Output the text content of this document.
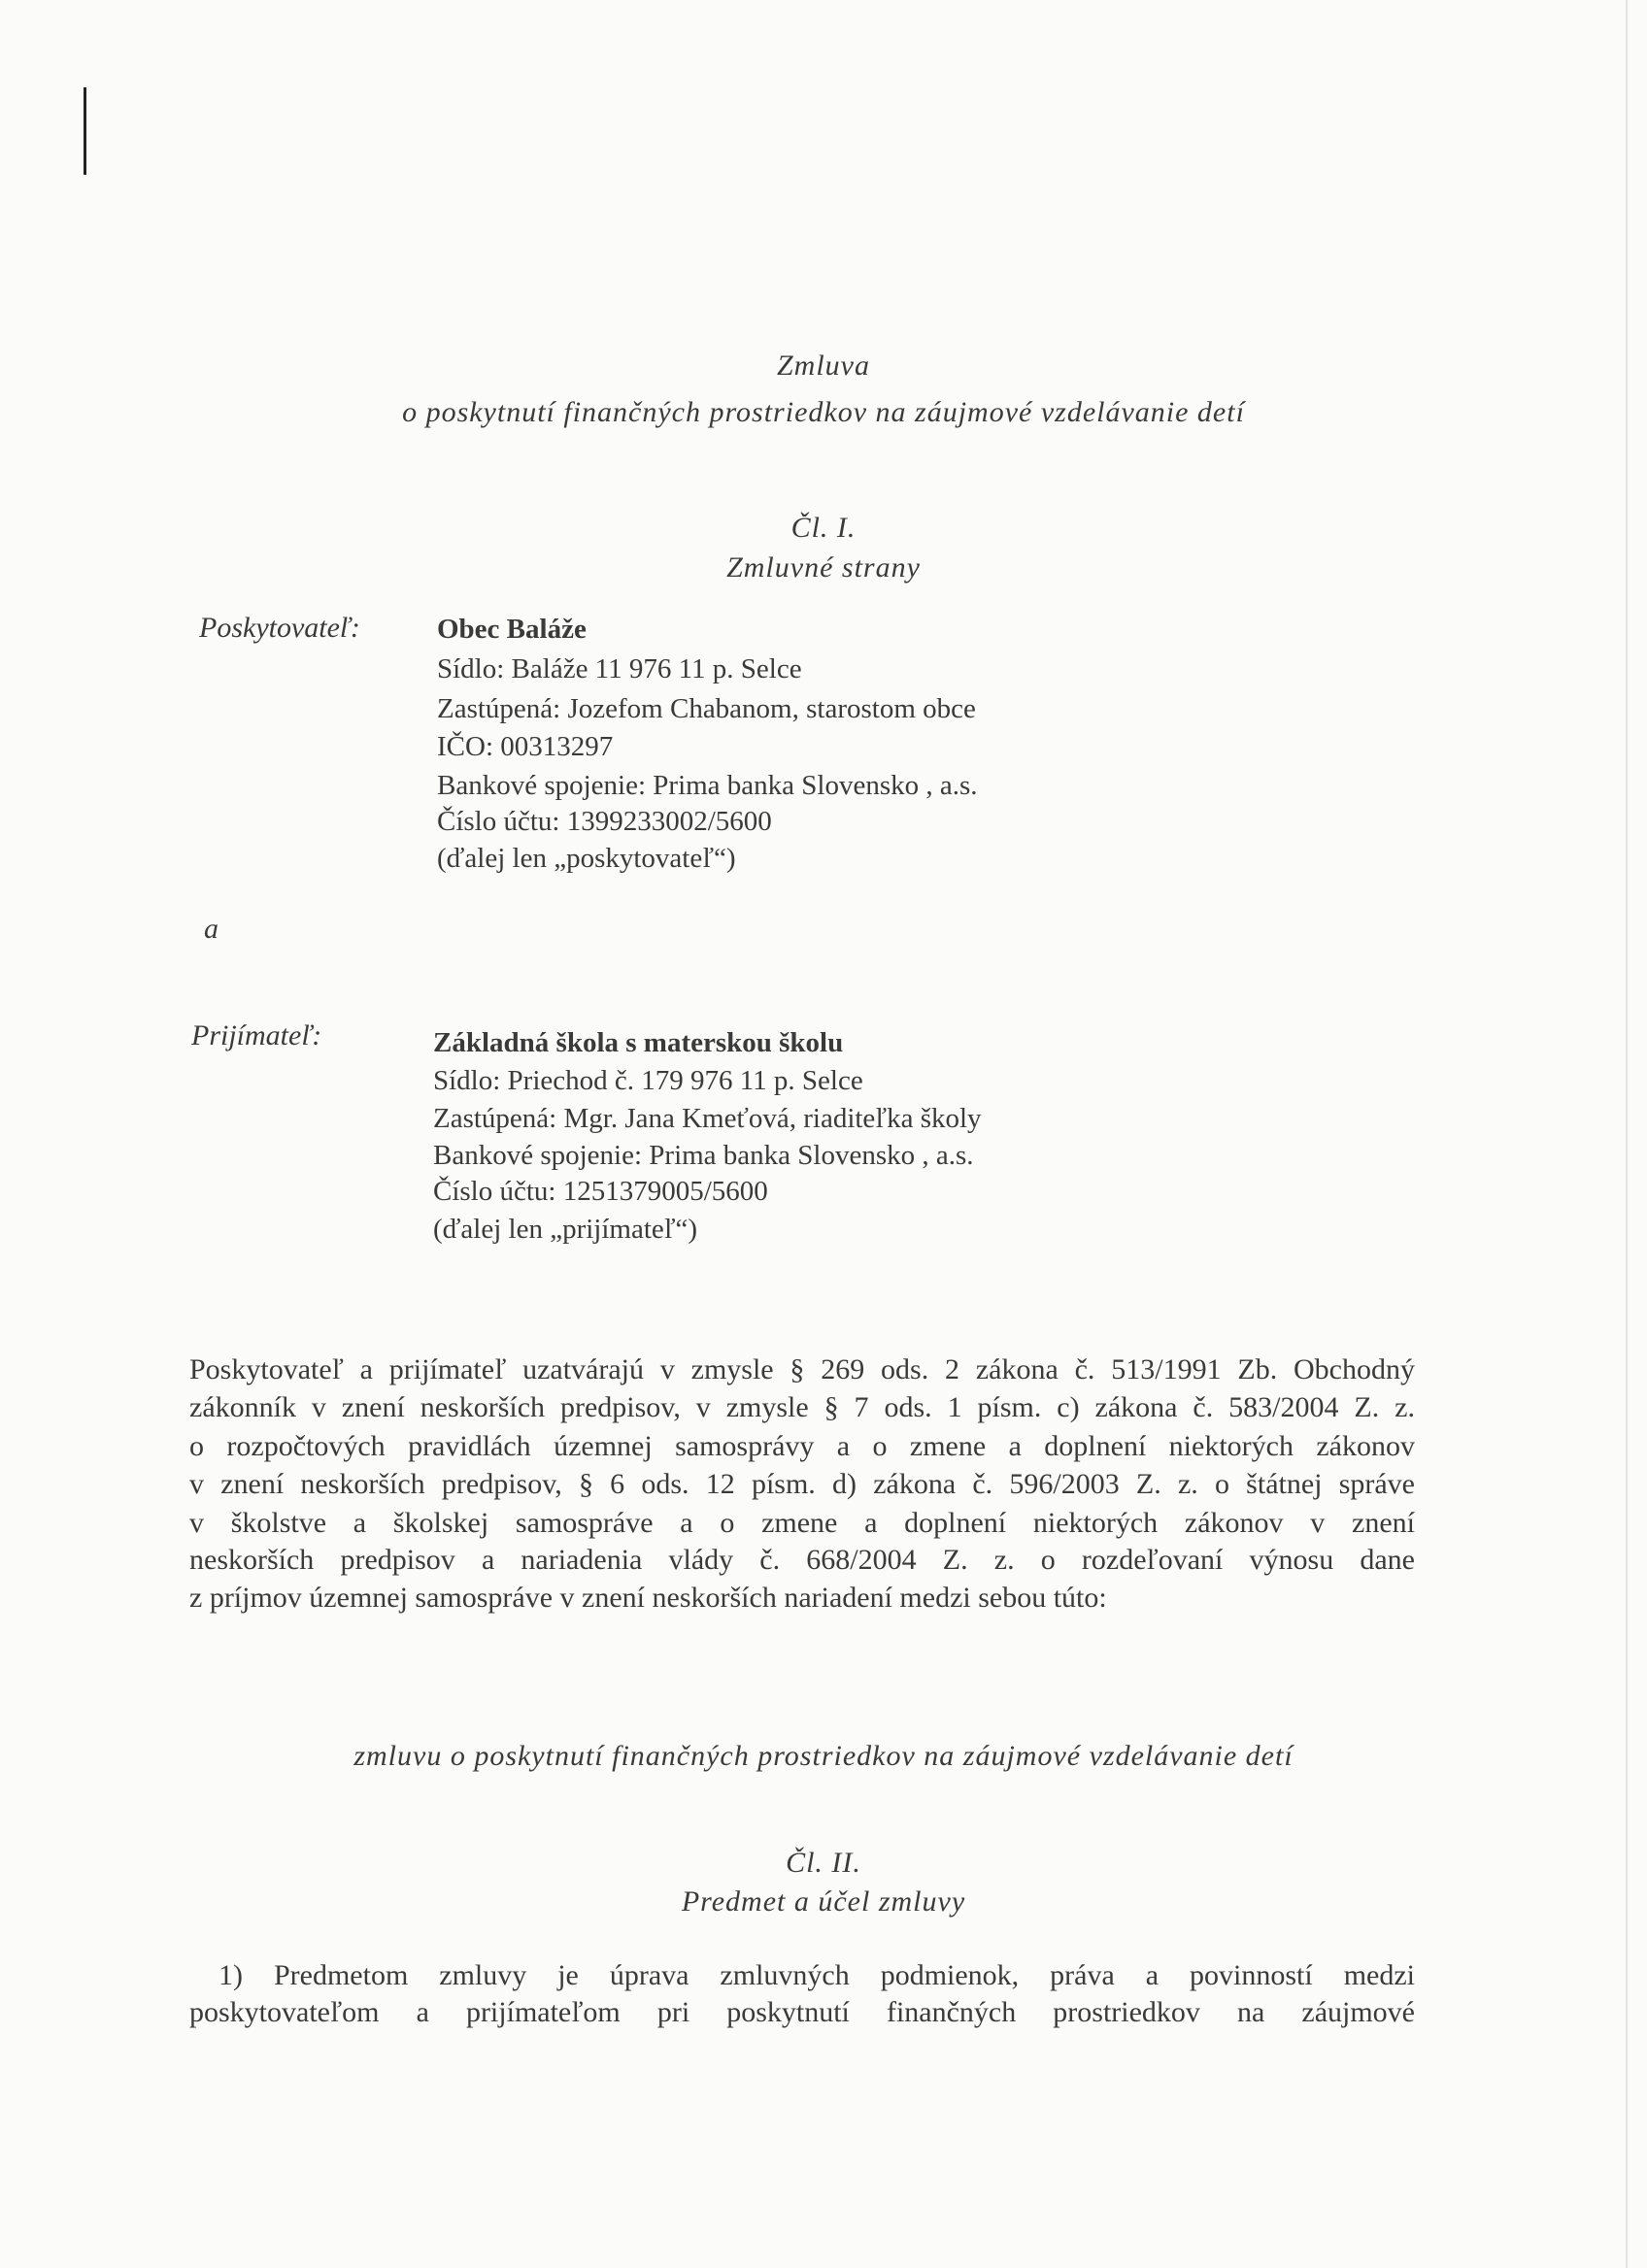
Zmluva
o poskytnutí finančných prostriedkov na záujmové vzdelávanie detí
Čl. I.
Zmluvné strany
Poskytovateľ:	Obec Baláže
Sídlo: Baláže 11 976 11 p. Selce
Zastúpená: Jozefom Chabanom, starostom obce
IČO: 00313297
Bankové spojenie: Prima banka Slovensko , a.s.
Číslo účtu: 1399233002/5600
(ďalej len „poskytovateľ“)
a
Prijímateľ:	Základná škola s materskou školu
Sídlo: Priechod č. 179 976 11 p. Selce
Zastúpená: Mgr. Jana Kmeťová, riaditeľka školy
Bankové spojenie: Prima banka Slovensko , a.s.
Číslo účtu: 1251379005/5600
(ďalej len „prijímateľ“)
Poskytovateľ a prijímateľ uzatvárajú v zmysle § 269 ods. 2 zákona č. 513/1991 Zb. Obchodný
zákonník v znení neskorších predpisov, v zmysle § 7 ods. 1 písm. c) zákona č. 583/2004 Z. z.
o rozpočtových pravidlách územnej samosprávy a o zmene a doplnení niektorých zákonov
v znení neskorších predpisov, § 6 ods. 12 písm. d) zákona č. 596/2003 Z. z. o štátnej správe
v školstve a školskej samospráve a o zmene a doplnení niektorých zákonov v znení
neskorších predpisov a nariadenia vlády č. 668/2004 Z. z. o rozdeľovaní výnosu dane
z príjmov územnej samospráve v znení neskorších nariadení medzi sebou túto:
zmluvu o poskytnutí finančných prostriedkov na záujmové vzdelávanie detí
Čl. II.
Predmet a účel zmluvy
1) Predmetom zmluvy je úprava zmluvných podmienok, práva a povinností medzi
poskytovateľom a prijímateľom pri poskytnutí finančných prostriedkov na záujmové
